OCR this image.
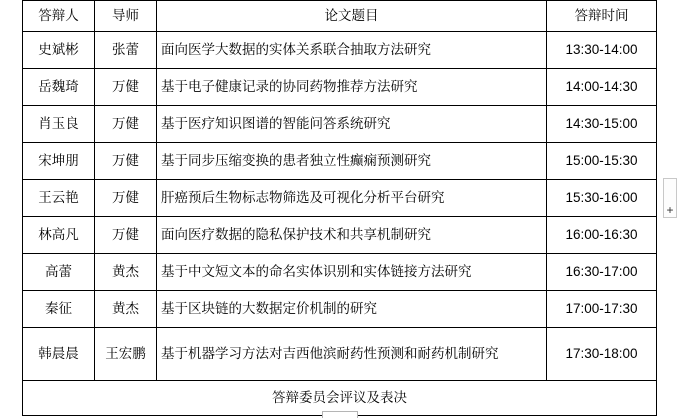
答辩人	导师	论文题目	答辩时间
史斌彬	张蕾	面向医学大数据的实体关系联合抽取方法研究	13:30-14:00
岳魏琦	万健	基于电子健康记录的协同药物推荐方法研究	14:00-14:30
肖玉良	万健	基于医疗知识图谱的智能问答系统研究	14:30-15:00
宋坤朋	万健	基于同步压缩变换的患者独立性癫痫预测研究	15:00-15:30
王云艳	万健	肝癌预后生物标志物筛选及可视化分析平台研究	15:30-16:00
林高凡	万健	面向医疗数据的隐私保护技术和共享机制研究	16:00-16:30
高蕾	黄杰	基于中文短文本的命名实体识别和实体链接方法研究	16:30-17:00
秦征	黄杰	基于区块链的大数据定价机制的研究	17:00-17:30
韩晨晨	王宏鹏	基于机器学习方法对吉西他滨耐药性预测和耐药机制研究	17:30-18:00
答辩委员会评议及表决			
+
